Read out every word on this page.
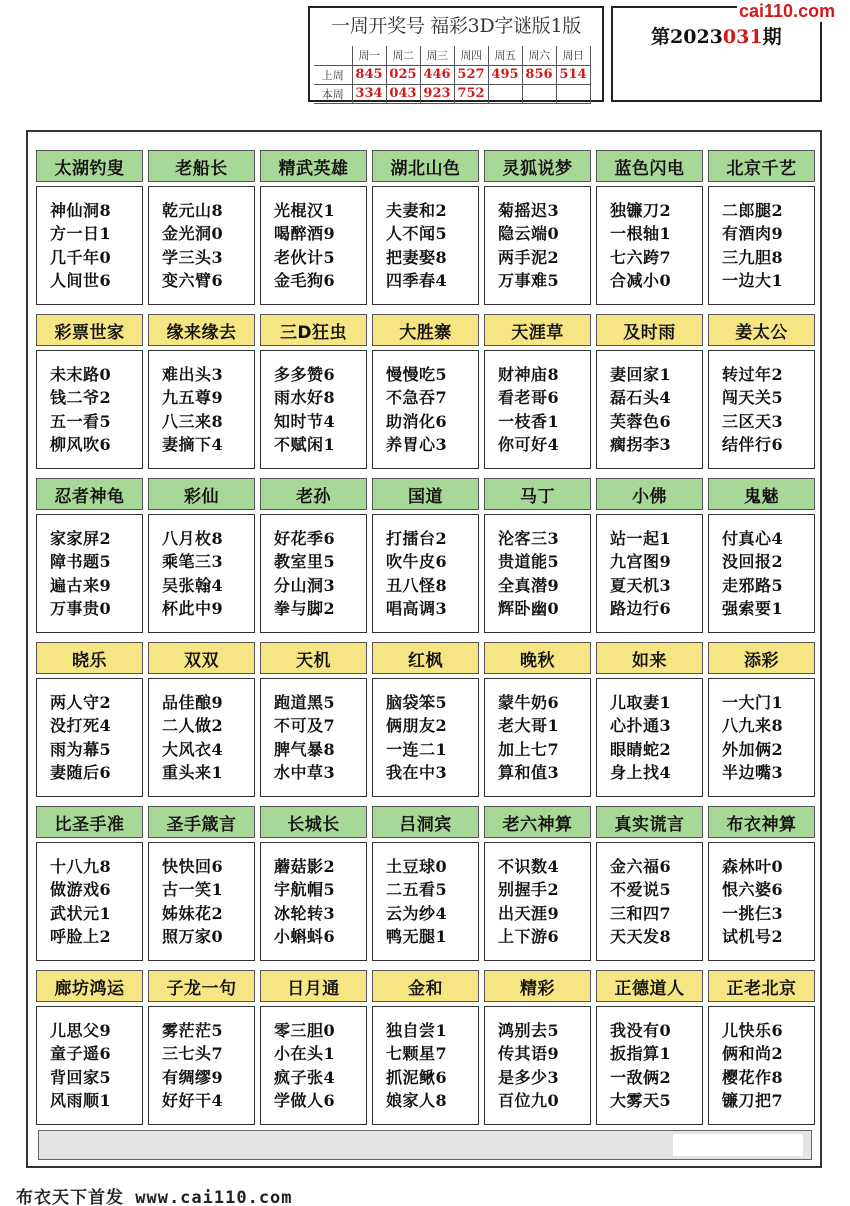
一周开奖号 福彩3D字谜版1版
	周一	周二	周三	周四	周五	周六	周日
上周	845	025	446	527	495	856	514
本周	334	043	923	752			
第2023031期
cai110.com
太湖钓叟
神仙洞8
方一日1
几千年0
人间世6
老船长
乾元山8
金光洞0
学三头3
变六臂6
精武英雄
光棍汉1
喝醉酒9
老伙计5
金毛狗6
湖北山色
夫妻和2
人不闻5
把妻娶8
四季春4
灵狐说梦
菊摇迟3
隐云端0
两手泥2
万事难5
蓝色闪电
独镰刀2
一根轴1
七六跨7
合减小0
北京千艺
二郎腿2
有酒肉9
三九胆8
一边大1
彩票世家
未末路0
钱二爷2
五一看5
柳风吹6
缘来缘去
难出头3
九五尊9
八三来8
妻摘下4
三D狂虫
多多赞6
雨水好8
知时节4
不赋闲1
大胜寨
慢慢吃5
不急吞7
助消化6
养胃心3
天涯草
财神庙8
看老哥6
一枝香1
你可好4
及时雨
妻回家1
磊石头4
芙蓉色6
瘸拐李3
姜太公
转过年2
闯天关5
三区天3
结伴行6
忍者神龟
家家屏2
障书题5
遍古来9
万事贵0
彩仙
八月枚8
乘笔三3
吴张翰4
杯此中9
老孙
好花季6
教室里5
分山洞3
拳与脚2
国道
打擂台2
吹牛皮6
丑八怪8
唱高调3
马丁
沦客三3
贵道能5
全真潜9
辉卧幽0
小佛
站一起1
九宫图9
夏天机3
路边行6
鬼魅
付真心4
没回报2
走邪路5
强索要1
晓乐
两人守2
没打死4
雨为幕5
妻随后6
双双
品佳酿9
二人做2
大风衣4
重头来1
天机
跑道黑5
不可及7
脾气暴8
水中草3
红枫
脑袋笨5
俩朋友2
一连二1
我在中3
晚秋
蒙牛奶6
老大哥1
加上七7
算和值3
如来
儿取妻1
心扑通3
眼睛蛇2
身上找4
添彩
一大门1
八九来8
外加俩2
半边嘴3
比圣手准
十八九8
做游戏6
武状元1
呼脸上2
圣手箴言
快快回6
古一笑1
姊妹花2
照万家0
长城长
蘑菇影2
宇航帽5
冰轮转3
小蝌蚪6
吕洞宾
土豆球0
二五看5
云为纱4
鸭无腿1
老六神算
不识数4
别握手2
出天涯9
上下游6
真实谎言
金六福6
不爱说5
三和四7
天天发8
布衣神算
森林叶0
恨六婆6
一挑仨3
试机号2
廊坊鸿运
儿思父9
童子遥6
背回家5
风雨顺1
子龙一句
雾茫茫5
三七头7
有绸缪9
好好干4
日月通
零三胆0
小在头1
疯子张4
学做人6
金和
独自尝1
七颗星7
抓泥鳅6
娘家人8
精彩
鸿别去5
传其语9
是多少3
百位九0
正德道人
我没有0
扳指算1
一敌俩2
大雾天5
正老北京
儿快乐6
俩和尚2
樱花作8
镰刀把7
布衣天下首发 www.cai110.com
